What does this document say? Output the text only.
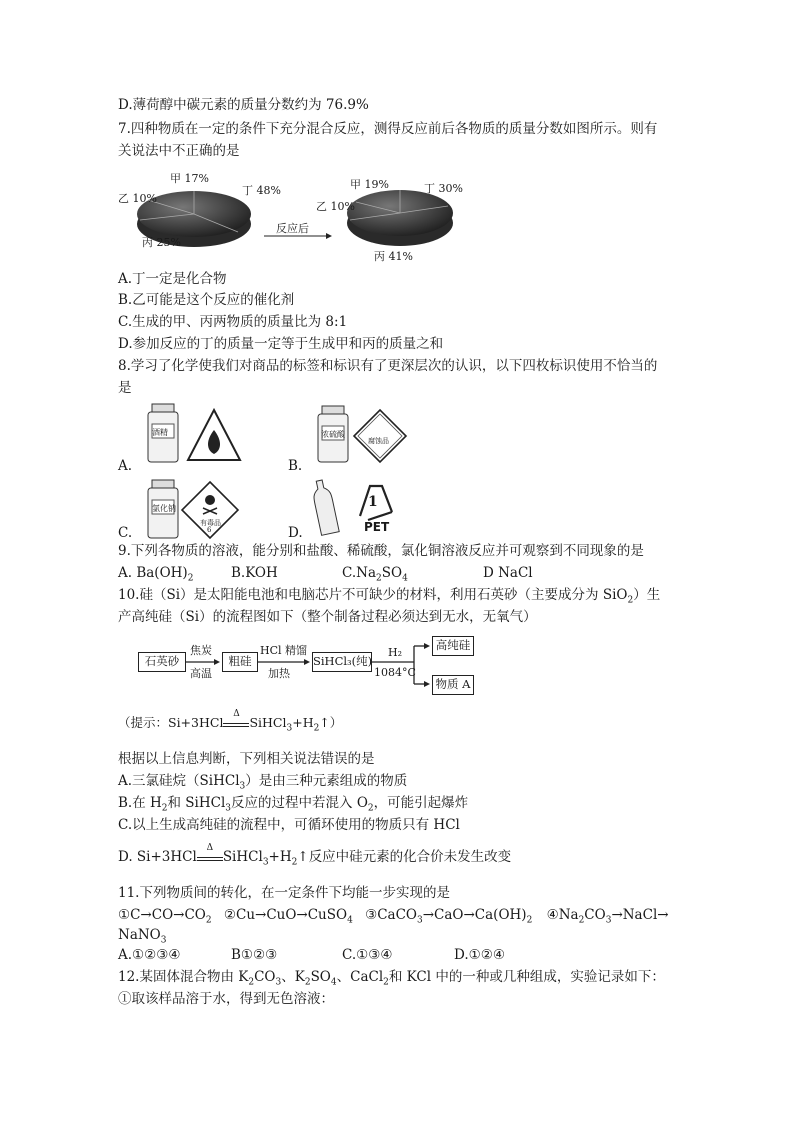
D.薄荷醇中碳元素的质量分数约为 76.9%
7.四种物质在一定的条件下充分混合反应，测得反应前后各物质的质量分数如图所示。则有
关说法中不正确的是
甲 17%
乙 10%
丁 48%
丙 25%
反应后
甲 19%
乙 10%
丁 30%
丙 41%
A.丁一定是化合物
B.乙可能是这个反应的催化剂
C.生成的甲、丙两物质的质量比为 8:1
D.参加反应的丁的质量一定等于生成甲和丙的质量之和
8.学习了化学使我们对商品的标签和标识有了更深层次的认识，以下四枚标识使用不恰当的
是
A.
酒精
B.
浓硫酸
腐蚀品
C.
氯化钠
有毒品
6	D.
1
PET
9.下列各物质的溶液，能分别和盐酸、稀硫酸，氯化铜溶液反应并可观察到不同现象的是
A. $Ba(OH)_2$	B.KOH	$C.Na_2SO_4$	D NaCl
10.硅（Si）是太阳能电池和电脑芯片不可缺少的材料，利用石英砂（主要成分为 SiO$_2$）生
产高纯硅（Si）的流程图如下（整个制备过程必须达到无水，无氧气）
石英砂
焦炭
高温
粗硅
HCl 精馏
加热
SiHCl₃(纯)
H₂
1084°C
高纯硅
物质 A
（提示：Si+3HCl
Δ
$SiHCl_3+H_2↑$）
根据以上信息判断，下列相关说法错误的是
A.三氯硅烷（SiHCl$_3$）是由三种元素组成的物质
B.在 $H_2$和 SiHCl$_3$反应的过程中若混入 $O_2$，可能引起爆炸
C.以上生成高纯硅的流程中，可循环使用的物质只有 HCl
D. Si+3HCl
Δ
$SiHCl_3+H_2↑$反应中硅元素的化合价未发生改变
11.下列物质间的转化，在一定条件下均能一步实现的是
$①C\to CO\to CO_2$ ②Cu→CuO→CuSO$_4$ $③CaCO_3\to CaO\to Ca(OH)_2$ $④Na_2CO_3\to NaCl\to$
NaNO$_3$
A.①②③④	B①②③	C.①③④	D.①②④
12.某固体混合物由 $K_2CO_3$、$K_2SO_4$、CaCl$_2$和 KCl 中的一种或几种组成，实验记录如下：
①取该样品溶于水，得到无色溶液：
